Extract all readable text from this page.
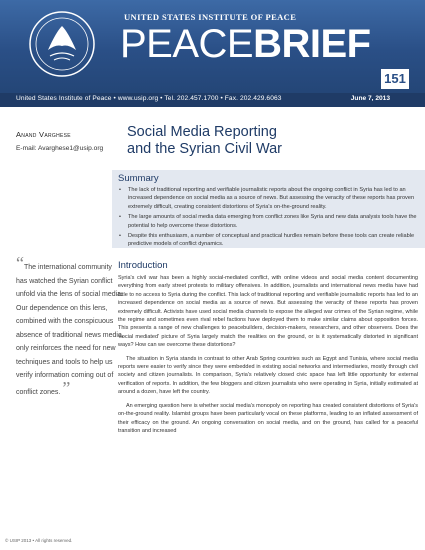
UNITED STATES INSTITUTE OF PEACE
PEACEBRIEF
151
United States Institute of Peace • www.usip.org • Tel. 202.457.1700 • Fax. 202.429.6063	June 7, 2013
Anand Varghese
E-mail: Avarghese1@usip.org
“The international community has watched the Syrian conflict unfold via the lens of social media. Our dependence on this lens, combined with the conspicuous absence of traditional news media, only reinforces the need for new techniques and tools to help us verify information coming out of conflict zones. ”
© USIP 2013 • All rights reserved.
Social Media Reporting
and the Syrian Civil War
Summary
• The lack of traditional reporting and verifiable journalistic reports about the ongoing conflict in Syria has led to an increased dependence on social media as a source of news. But assessing the veracity of these reports has proven extremely difficult, creating consistent distortions of Syria's on-the-ground reality.
• The large amounts of social media data emerging from conflict zones like Syria and new data analysis tools have the potential to help overcome these distortions.
• Despite this enthusiasm, a number of conceptual and practical hurdles remain before these tools can create reliable predictive models of conflict dynamics.
Introduction

Syria's civil war has been a highly social-mediated conflict, with online videos and social media content documenting everything from early street protests to military offensives. In addition, journalists and international news media have had little to no access to Syria during the conflict. This lack of traditional reporting and verifiable journalistic reports has led to an increased dependence on social media as a source of news. But assessing the veracity of these reports has proven extremely difficult. Activists have used social media channels to expose the alleged war crimes of the Syrian regime, while the regime and sometimes even rival rebel factions have deployed them to make similar claims about opposition forces. This presents a range of new challenges to peacebuilders, decision-makers, researchers, and other observers. Does the 'social mediated' picture of Syria largely match the realities on the ground, or is it systematically distorted in significant ways? How can we overcome these distortions?

The situation in Syria stands in contrast to other Arab Spring countries such as Egypt and Tunisia, where social media reports were easier to verify since they were embedded in existing social networks and intermediaries, mostly through civil society and citizen journalists. In comparison, Syria's relatively closed civic space has left little opportunity for external verification of reports. In addition, the few bloggers and citizen journalists who were operating in Syria, initially estimated at around a dozen, have left the country.

An emerging question here is whether social media's monopoly on reporting has created consistent distortions of Syria's on-the-ground reality. Islamist groups have been particularly vocal on these platforms, leading to an inflated assessment of their efficacy on the ground. An ongoing conversation on social media, and on the ground, has called for a peaceful transition and increased
